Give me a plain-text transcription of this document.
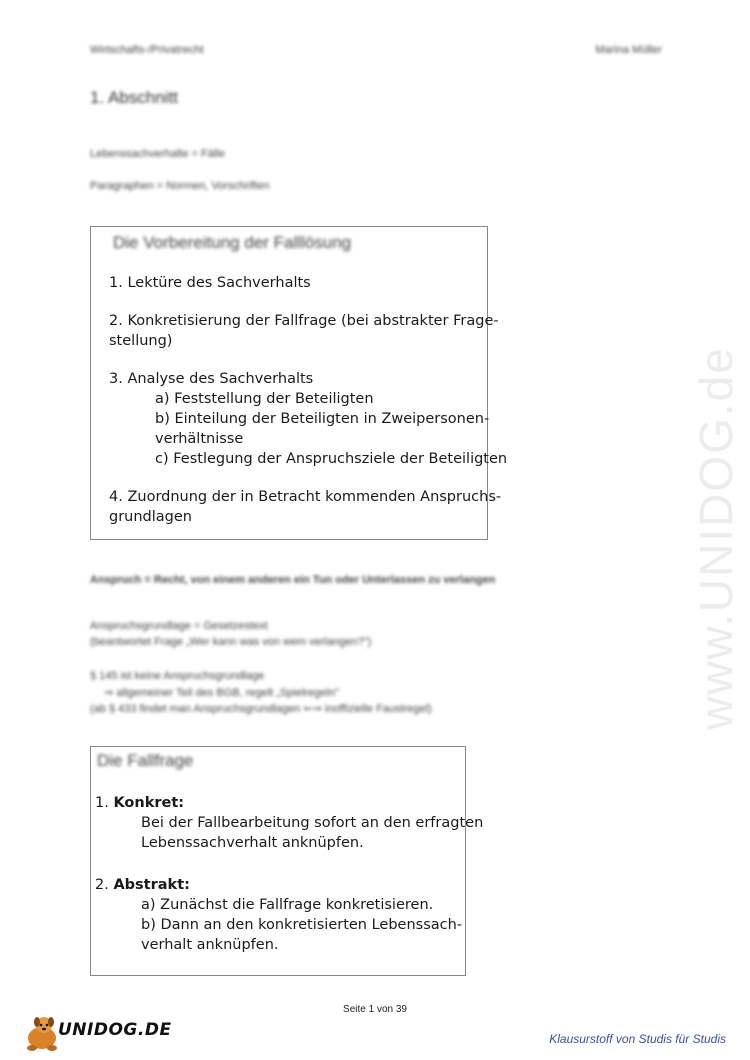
Wirtschafts-/Privatrecht	Marina Müller
1. Abschnitt
Lebenssachverhalte = Fälle
Paragraphen = Normen, Vorschriften
Die Vorbereitung der Falllösung
1. Lektüre des Sachverhalts
2. Konkretisierung der Fallfrage (bei abstrakter Frage-
stellung)
3. Analyse des Sachverhalts
a) Feststellung der Beteiligten
b) Einteilung der Beteiligten in Zweipersonen-
verhältnisse
c) Festlegung der Anspruchsziele der Beteiligten
4. Zuordnung der in Betracht kommenden Anspruchs-
grundlagen
Anspruch = Recht, von einem anderen ein Tun oder Unterlassen zu verlangen
Anspruchsgrundlage = Gesetzestext
(beantwortet Frage „Wer kann was von wem verlangen?")
§ 145 ist keine Anspruchsgrundlage
⇒ allgemeiner Teil des BGB, regelt „Spielregeln"
(ab § 433 findet man Anspruchsgrundlagen ⇐⇒ inoffizielle Faustregel)
Die Fallfrage
1. Konkret:
Bei der Fallbearbeitung sofort an den erfragten
Lebenssachverhalt anknüpfen.
2. Abstrakt:
a) Zunächst die Fallfrage konkretisieren.
b) Dann an den konkretisierten Lebenssach-
verhalt anknüpfen.
www.UNIDOG.de
Seite 1 von 39
UNIDOG.DE	Klausurstoff von Studis für Studis
